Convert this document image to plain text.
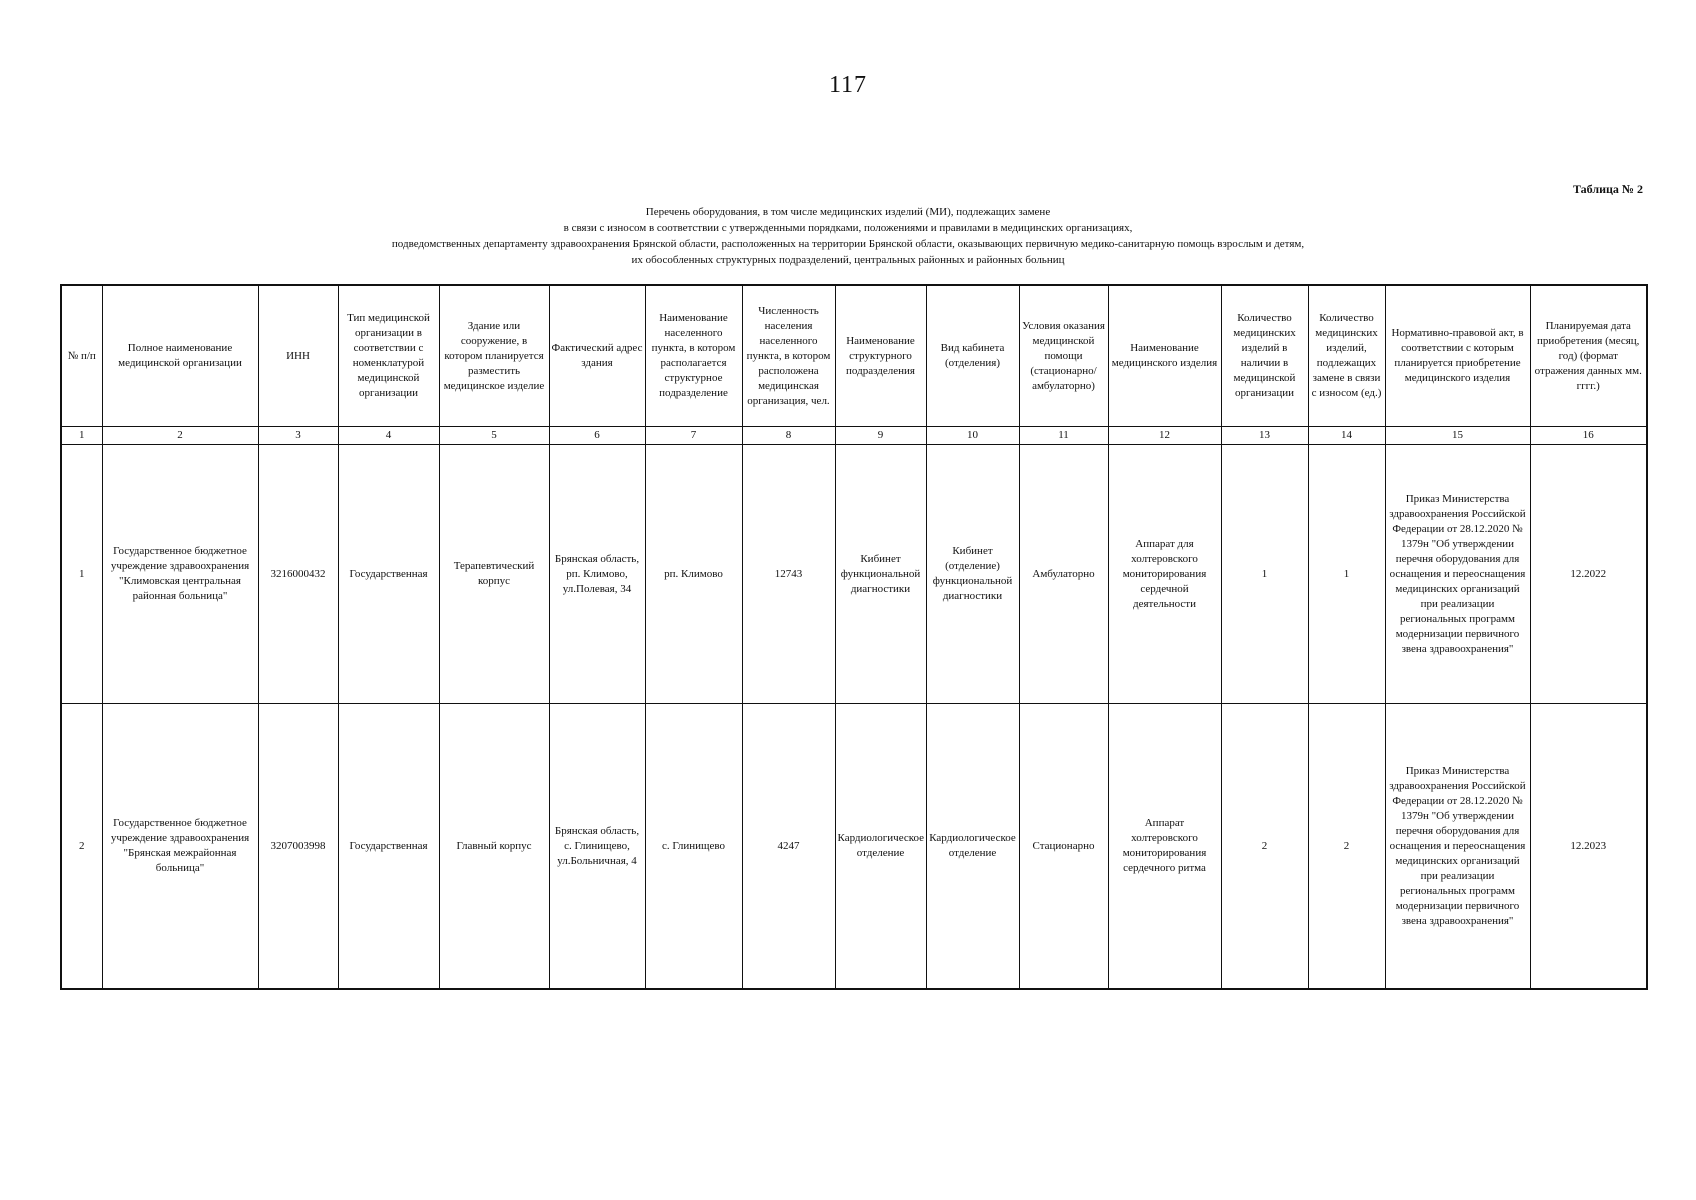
117
Таблица № 2
Перечень оборудования, в том числе медицинских изделий (МИ), подлежащих замене
в связи с износом в соответствии с утвержденными порядками, положениями и правилами в медицинских организациях,
подведомственных департаменту здравоохранения Брянской области, расположенных на территории Брянской области, оказывающих первичную медико-санитарную помощь взрослым и детям,
их обособленных структурных подразделений, центральных районных и районных больниц
№ п/п	Полное наименование медицинской организации	ИНН	Тип медицинской организации в соответствии с номенклатурой медицинской организации	Здание или сооружение, в котором планируется разместить медицинское изделие	Фактический адрес здания	Наименование населенного пункта, в котором располагается структурное подразделение	Численность населения населенного пункта, в котором расположена медицинская организация, чел.	Наименование структурного подразделения	Вид кабинета (отделения)	Условия оказания медицинской помощи (стационарно/амбулаторно)	Наименование медицинского изделия	Количество медицинских изделий в наличии в медицинской организации	Количество медицинских изделий, подлежащих замене в связи с износом (ед.)	Нормативно-правовой акт, в соответствии с которым планируется приобретение медицинского изделия	Планируемая дата приобретения (месяц, год) (формат отражения данных мм. гггг.)
1	2	3	4	5	6	7	8	9	10	11	12	13	14	15	16
1	Государственное бюджетное учреждение здравоохранения "Климовская центральная районная больница"	3216000432	Государственная	Терапевтический корпус	Брянская область, рп. Климово, ул.Полевая, 34	рп. Климово	12743	Кибинет функциональной диагностики	Кибинет (отделение) функциональной диагностики	Амбулаторно	Аппарат для холтеровского мониторирования сердечной деятельности	1	1	Приказ Министерства здравоохранения Российской Федерации от 28.12.2020 № 1379н "Об утверждении перечня оборудования для оснащения и переоснащения медицинских организаций при реализации региональных программ модернизации первичного звена здравоохранения"	12.2022
2	Государственное бюджетное учреждение здравоохранения "Брянская межрайонная больница"	3207003998	Государственная	Главный корпус	Брянская область, с. Глинищево, ул.Больничная, 4	с. Глинищево	4247	Кардиологическое отделение	Кардиологическое отделение	Стационарно	Аппарат холтеровского мониторирования сердечного ритма	2	2	Приказ Министерства здравоохранения Российской Федерации от 28.12.2020 № 1379н "Об утверждении перечня оборудования для оснащения и переоснащения медицинских организаций при реализации региональных программ модернизации первичного звена здравоохранения"	12.2023
